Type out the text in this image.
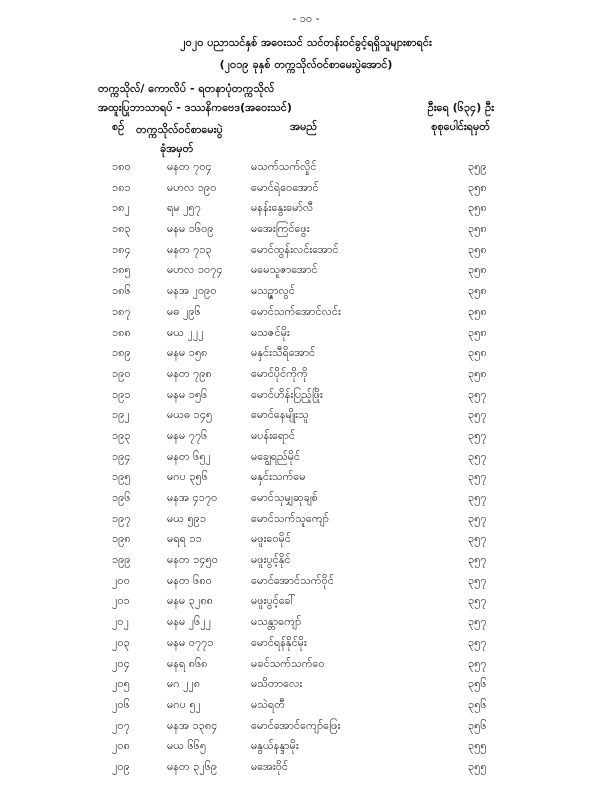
- ၁၀ -
၂၀၂၀ ပညာသင်နှစ် အဝေးသင် သင်တန်းဝင်ခွင့်ရရှိသူများစာရင်း
(၂၀၁၉ ခုနှစ် တက္ကသိုလ်ဝင်စာမေးပွဲအောင်)
တက္ကသိုလ်/ ကောလိပ် - ရတနာပုံတက္ကသိုလ်
အထူးပြုဘာသာရပ် - ဒဿနိကဗေဒ(အဝေးသင်)	ဦးရေ (၆၃၄) ဦး
စဉ် တက္ကသိုလ်ဝင်စာမေးပွဲ
ခုံအမှတ်
အမည်	စုစုပေါင်းရမှတ်
၁၈၀	မနတ ၇၀၄	မသက်သက်လှိုင်	၃၅၉
၁၈၁	မဟလ ၁၉၀	မောင်ရဲဝေအောင်	၃၅၈
၁၈၂	ရမ ၂၅၇	မနန်းနွေးမော်လီ	၃၅၈
၁၈၃	မနမ ၁၆၀၉	မအေးကြင်ဖွေး	၃၅၈
၁၈၄	မနတ ၇၁၃	မောင်ထွန်းလင်းအောင်	၃၅၈
၁၈၅	မဟလ ၁၀၇၄	မမေသူဇာအောင်	၃၅၈
၁၈၆	မနအ ၂၀၉၀	မသဉ္ဇာလွင်	၃၅၈
၁၈၇	မဓ ၂၉၆	မောင်သက်အောင်လင်း	၃၅၈
၁၈၈	မယ ၂၂၂	မသဇင်မိုး	၃၅၈
၁၈၉	မနမ ၁၅၈	မနှင်းသီရိအောင်	၃၅၈
၁၉၀	မနတ ၇၉၈	မောင်ပိုင်ကိုကို	၃၅၈
၁၉၁	မနမ ၁၅၆	မောင်ဟိန်းပြည့်ဖြိုး	၃၅၇
၁၉၂	မယဓ ၁၄၅	မောင်နေမျိုးသူ	၃၅၇
၁၉၃	မနမ ၇၇၆	မပန်းရောင်	၃၅၇
၁၉၄	မနတ ၆၅၂	မချွေရည်မိုင်	၃၅၇
၁၉၅	မဂပ ၃၅၆	မနှင်းသက်မေ	၃၅၇
၁၉၆	မနအ ၄၁၇၀	မောင်သုမျှဆုချစ်	၃၅၇
၁၉၇	မယ ၅၉၁	မောင်သက်သူကျော်	၃၅၇
၁၉၈	မရရ ၁၁	မဖူးဝေမိုင်	၃၅၇
၁၉၉	မနတ ၁၄၅၀	မဖူးပွင့်နိုင်	၃၅၇
၂၀၀	မနတ ၆၈၀	မောင်အောင်သက်ဝိုင်	၃၅၇
၂၀၁	မနမ ၃၂၈၈	မဖူးပွင့်ခေါ်	၃၅၇
၂၀၂	မနမ ၂၆၂၂	မသန္တာကျော်	၃၅၇
၂၀၃	မနမ ၀၇၇၁	မောင်ရန်နိုင်မိုး	၃၅၇
၂၀၄	မနရ ၈၆၈	မခင်သက်သက်ဝေ	၃၅၇
၂၀၅	မဂ ၂၂၈	မသိတာလေး	၃၅၆
၂၀၆	မဂပ ၅၂	မသဲရတီ	၃၅၆
၂၀၇	မနအ ၁၃၈၄	မောင်အောင်ကျော်ဖြေး	၃၅၆
၂၀၈	မယ ၆၆၅	မနွယ်နန္ဒာမိုး	၃၅၅
၂၀၉	မနတ ၃၂၆၉	မအေးဝိုင်	၃၅၅
